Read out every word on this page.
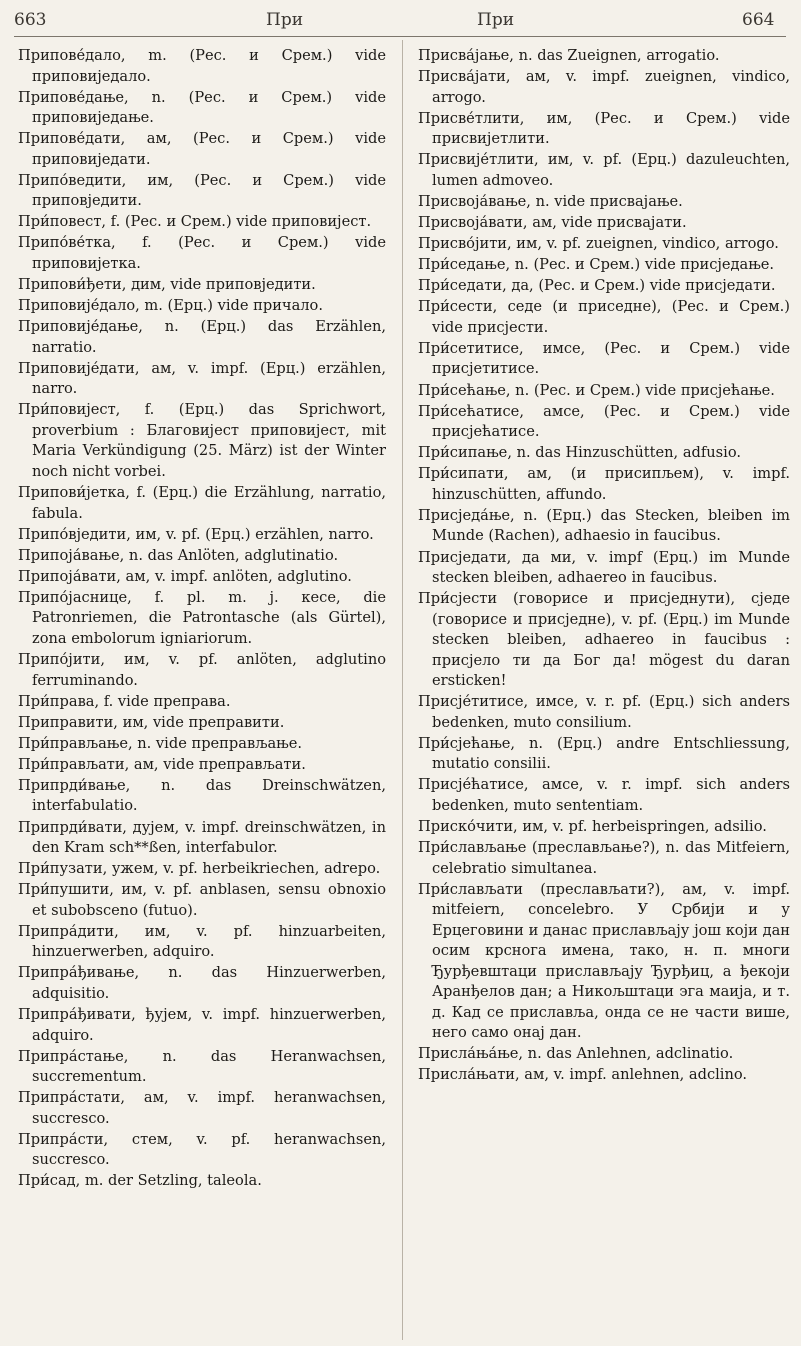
663	При	При	664

Припове́дало, m. (Рес. и Срем.) vide приповиједало.

Припове́дање, n. (Рес. и Срем.) vide приповиједање.

Припове́дати, ам, (Рес. и Срем.) vide приповиједати.

Припо́ведити, им, (Рес. и Срем.) vide приповједити.

При́повест, f. (Рес. и Срем.) vide приповијест.

Припо́ве́тка, f. (Рес. и Срем.) vide приповијетка.

Припови́ђети, дим, vide приповједити.

Приповије́дало, m. (Ерц.) vide причало.

Приповије́дање, n. (Ерц.) das Erzählen, narratio.

Приповије́дати, ам, v. impf. (Ерц.) erzählen, narro.

При́повијест, f. (Ерц.) das Sprichwort, proverbium : Благовијест приповијест, mit Maria Verkündigung (25. März) ist der Winter noch nicht vorbei.

Припови́јетка, f. (Ерц.) die Erzählung, narratio, fabula.

Припо́вједити, им, v. pf. (Ерц.) erzählen, narro.

Припоја́вање, n. das Anlöten, adglutinatio.

Припоја́вати, ам, v. impf. anlöten, adglutino.

Припо́јаснице, f. pl. m. j. кесе, die Patronriemen, die Patrontasche (als Gürtel), zona embolorum igniariorum.

Припо́јити, им, v. pf. anlöten, adglutino ferruminando.

При́права, f. vide преправа.

Приправити, им, vide преправити.

При́прављање, n. vide преправљање.

При́прављати, ам, vide преправљати.

Припрди́вање, n. das Dreinschwätzen, interfabulatio.

Припрди́вати, дујем, v. impf. dreinschwätzen, in den Kram sch**ßen, interfabulor.

При́пузати, ужем, v. pf. herbeikriechen, adrepo.

При́пушити, им, v. pf. anblasen, sensu obnoxio et subobsceno (futuo).

Припра́дити, им, v. pf. hinzuarbeiten, hinzuerwerben, adquiro.

Припра́ђивање, n. das Hinzuerwerben, adquisitio.

Припра́ђивати, ђујем, v. impf. hinzuerwerben, adquiro.

Припра́стање, n. das Heranwachsen, succrementum.

Припра́стати, ам, v. impf. heranwachsen, succresco.

Припра́сти, стем, v. pf. heranwachsen, succresco.

При́сад, m. der Setzling, taleola.

Присва́јање, n. das Zueignen, arrogatio.

Присва́јати, ам, v. impf. zueignen, vindico, arrogo.

Присве́тлити, им, (Рес. и Срем.) vide присвијетлити.

Присвије́тлити, им, v. pf. (Ерц.) dazuleuchten, lumen admoveo.

Присвоја́вање, n. vide присвајање.

Присвоја́вати, ам, vide присвајати.

Присво́јити, им, v. pf. zueignen, vindico, arrogo.

При́седање, n. (Рес. и Срем.) vide присједање.

При́седати, да, (Рес. и Срем.) vide присједати.

При́сести, седе (и приседне), (Рес. и Срем.) vide присјести.

При́сетитисе, имсе, (Рес. и Срем.) vide присјетитисе.

При́сећање, n. (Рес. и Срем.) vide присјећање.

При́сећатисе, амсе, (Рес. и Срем.) vide присјећатисе.

При́сипање, n. das Hinzuschütten, adfusio.

При́сипати, ам, (и присипљем), v. impf. hinzuschütten, affundo.

Присједа́ње, n. (Ерц.) das Stecken, bleiben im Munde (Rachen), adhaesio in faucibus.

Присједати, да ми, v. impf (Ерц.) im Munde stecken bleiben, adhaereo in faucibus.

При́сјести (говорисе и присједнути), сједе (говорисе и присједне), v. pf. (Ерц.) im Munde stecken bleiben, adhaereo in faucibus : присјело ти да Бог да! mögest du daran ersticken!

Присје́титисе, имсе, v. r. pf. (Ерц.) sich anders bedenken, muto consilium.

При́сјећање, n. (Ерц.) andre Entschliessung, mutatio consilii.

Присје́ћатисе, амсе, v. r. impf. sich anders bedenken, muto sententiam.

Приско́чити, им, v. pf. herbeispringen, adsilio.

При́слављање (преслављање?), n. das Mitfeiern, celebratio simultanea.

При́слављати (преслављати?), ам, v. impf. mitfeiern, concelebro. У Србији и у Ерцеговини и данас прислављају још који дан осим крснога имена, тако, н. п. многи Ђурђевштаци прислављају Ђурђиц, а ђекоји Аранђелов дан; а Никољштаци эга маија, и т. д. Кад се приславља, онда се не части више, него само онај дан.

Присла́ња́ње, n. das Anlehnen, adclinatio.

Присла́њати, ам, v. impf. anlehnen, adclino.
